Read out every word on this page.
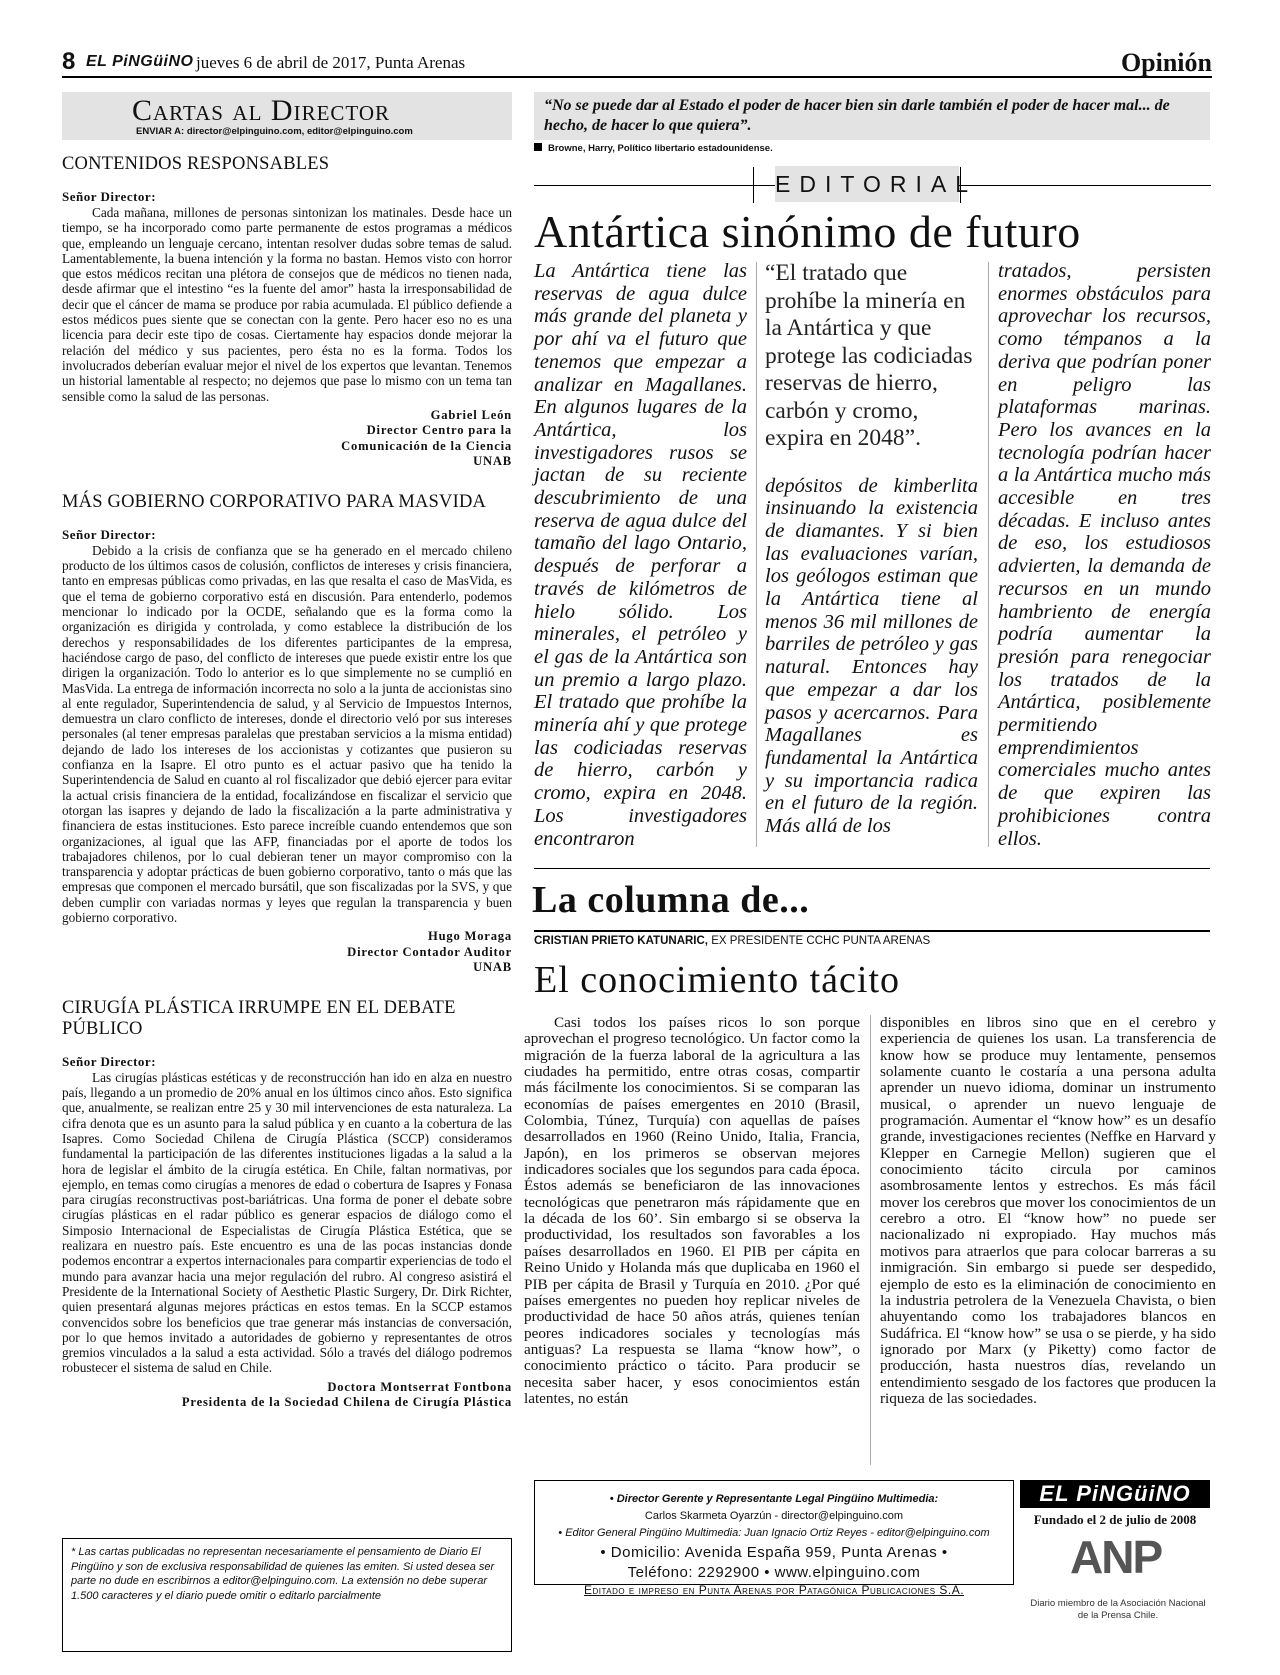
8 EL PiNGüiNO jueves 6 de abril de 2017, Punta Arenas	Opinión
Cartas al Director
ENVIAR A: director@elpinguino.com, editor@elpinguino.com
CONTENIDOS RESPONSABLES
Señor Director:

Cada mañana, millones de personas sintonizan los matinales. Desde hace un tiempo, se ha incorporado como parte permanente de estos programas a médicos que, empleando un lenguaje cercano, intentan resolver dudas sobre temas de salud. Lamentablemente, la buena intención y la forma no bastan. Hemos visto con horror que estos médicos recitan una plétora de consejos que de médicos no tienen nada, desde afirmar que el intestino “es la fuente del amor” hasta la irresponsabilidad de decir que el cáncer de mama se produce por rabia acumulada. El público defiende a estos médicos pues siente que se conectan con la gente. Pero hacer eso no es una licencia para decir este tipo de cosas. Ciertamente hay espacios donde mejorar la relación del médico y sus pacientes, pero ésta no es la forma. Todos los involucrados deberían evaluar mejor el nivel de los expertos que levantan. Tenemos un historial lamentable al respecto; no dejemos que pase lo mismo con un tema tan sensible como la salud de las personas.

Gabriel León
Director Centro para la
Comunicación de la Ciencia
UNAB
MÁS GOBIERNO CORPORATIVO PARA MASVIDA
Señor Director:

Debido a la crisis de confianza que se ha generado en el mercado chileno producto de los últimos casos de colusión, conflictos de intereses y crisis financiera, tanto en empresas públicas como privadas, en las que resalta el caso de MasVida, es que el tema de gobierno corporativo está en discusión. Para entenderlo, podemos mencionar lo indicado por la OCDE, señalando que es la forma como la organización es dirigida y controlada, y como establece la distribución de los derechos y responsabilidades de los diferentes participantes de la empresa, haciéndose cargo de paso, del conflicto de intereses que puede existir entre los que dirigen la organización. Todo lo anterior es lo que simplemente no se cumplió en MasVida. La entrega de información incorrecta no solo a la junta de accionistas sino al ente regulador, Superintendencia de salud, y al Servicio de Impuestos Internos, demuestra un claro conflicto de intereses, donde el directorio veló por sus intereses personales (al tener empresas paralelas que prestaban servicios a la misma entidad) dejando de lado los intereses de los accionistas y cotizantes que pusieron su confianza en la Isapre. El otro punto es el actuar pasivo que ha tenido la Superintendencia de Salud en cuanto al rol fiscalizador que debió ejercer para evitar la actual crisis financiera de la entidad, focalizándose en fiscalizar el servicio que otorgan las isapres y dejando de lado la fiscalización a la parte administrativa y financiera de estas instituciones. Esto parece increíble cuando entendemos que son organizaciones, al igual que las AFP, financiadas por el aporte de todos los trabajadores chilenos, por lo cual debieran tener un mayor compromiso con la transparencia y adoptar prácticas de buen gobierno corporativo, tanto o más que las empresas que componen el mercado bursátil, que son fiscalizadas por la SVS, y que deben cumplir con variadas normas y leyes que regulan la transparencia y buen gobierno corporativo.

Hugo Moraga
Director Contador Auditor
UNAB
CIRUGÍA PLÁSTICA IRRUMPE EN EL DEBATE PÚBLICO
Señor Director:

Las cirugías plásticas estéticas y de reconstrucción han ido en alza en nuestro país, llegando a un promedio de 20% anual en los últimos cinco años. Esto significa que, anualmente, se realizan entre 25 y 30 mil intervenciones de esta naturaleza. La cifra denota que es un asunto para la salud pública y en cuanto a la cobertura de las Isapres. Como Sociedad Chilena de Cirugía Plástica (SCCP) consideramos fundamental la participación de las diferentes instituciones ligadas a la salud a la hora de legislar el ámbito de la cirugía estética. En Chile, faltan normativas, por ejemplo, en temas como cirugías a menores de edad o cobertura de Isapres y Fonasa para cirugías reconstructivas post-bariátricas. Una forma de poner el debate sobre cirugías plásticas en el radar público es generar espacios de diálogo como el Simposio Internacional de Especialistas de Cirugía Plástica Estética, que se realizara en nuestro país. Este encuentro es una de las pocas instancias donde podemos encontrar a expertos internacionales para compartir experiencias de todo el mundo para avanzar hacia una mejor regulación del rubro. Al congreso asistirá el Presidente de la International Society of Aesthetic Plastic Surgery, Dr. Dirk Richter, quien presentará algunas mejores prácticas en estos temas. En la SCCP estamos convencidos sobre los beneficios que trae generar más instancias de conversación, por lo que hemos invitado a autoridades de gobierno y representantes de otros gremios vinculados a la salud a esta actividad. Sólo a través del diálogo podremos robustecer el sistema de salud en Chile.

Doctora Montserrat Fontbona
Presidenta de la Sociedad Chilena de Cirugía Plástica
* Las cartas publicadas no representan necesariamente el pensamiento de Diario El Pingüino y son de exclusiva responsabilidad de quienes las emiten. Si usted desea ser parte no dude en escribirnos a editor@elpinguino.com. La extensión no debe superar 1.500 caracteres y el diario puede omitir o editarlo parcialmente
“No se puede dar al Estado el poder de hacer bien sin darle también el poder de hacer mal... de hecho, de hacer lo que quiera”.
Browne, Harry, Político libertario estadounidense.
EDITORIAL
Antártica sinónimo de futuro
La Antártica tiene las reservas de agua dulce más grande del planeta y por ahí va el futuro que tenemos que empezar a analizar en Magallanes. En algunos lugares de la Antártica, los investigadores rusos se jactan de su reciente descubrimiento de una reserva de agua dulce del tamaño del lago Ontario, después de perforar a través de kilómetros de hielo sólido. Los minerales, el petróleo y el gas de la Antártica son un premio a largo plazo. El tratado que prohíbe la minería ahí y que protege las codiciadas reservas de hierro, carbón y cromo, expira en 2048. Los investigadores encontraron
“El tratado que prohíbe la minería en la Antártica y que protege las codiciadas reservas de hierro, carbón y cromo, expira en 2048”.
depósitos de kimberlita insinuando la existencia de diamantes. Y si bien las evaluaciones varían, los geólogos estiman que la Antártica tiene al menos 36 mil millones de barriles de petróleo y gas natural. Entonces hay que empezar a dar los pasos y acercarnos. Para Magallanes es fundamental la Antártica y su importancia radica en el futuro de la región. Más allá de los
tratados, persisten enormes obstáculos para aprovechar los recursos, como témpanos a la deriva que podrían poner en peligro las plataformas marinas. Pero los avances en la tecnología podrían hacer a la Antártica mucho más accesible en tres décadas. E incluso antes de eso, los estudiosos advierten, la demanda de recursos en un mundo hambriento de energía podría aumentar la presión para renegociar los tratados de la Antártica, posiblemente permitiendo emprendimientos comerciales mucho antes de que expiren las prohibiciones contra ellos.
La columna de...
CRISTIAN PRIETO KATUNARIC, EX PRESIDENTE CCHC PUNTA ARENAS
El conocimiento tácito
Casi todos los países ricos lo son porque aprovechan el progreso tecnológico. Un factor como la migración de la fuerza laboral de la agricultura a las ciudades ha permitido, entre otras cosas, compartir más fácilmente los conocimientos. Si se comparan las economías de países emergentes en 2010 (Brasil, Colombia, Túnez, Turquía) con aquellas de países desarrollados en 1960 (Reino Unido, Italia, Francia, Japón), en los primeros se observan mejores indicadores sociales que los segundos para cada época. Éstos además se beneficiaron de las innovaciones tecnológicas que penetraron más rápidamente que en la década de los 60’. Sin embargo si se observa la productividad, los resultados son favorables a los países desarrollados en 1960. El PIB per cápita en Reino Unido y Holanda más que duplicaba en 1960 el PIB per cápita de Brasil y Turquía en 2010. ¿Por qué países emergentes no pueden hoy replicar niveles de productividad de hace 50 años atrás, quienes tenían peores indicadores sociales y tecnologías más antiguas? La respuesta se llama “know how”, o conocimiento práctico o tácito. Para producir se necesita saber hacer, y esos conocimientos están latentes, no están
disponibles en libros sino que en el cerebro y experiencia de quienes los usan. La transferencia de know how se produce muy lentamente, pensemos solamente cuanto le costaría a una persona adulta aprender un nuevo idioma, dominar un instrumento musical, o aprender un nuevo lenguaje de programación. Aumentar el “know how” es un desafío grande, investigaciones recientes (Neffke en Harvard y Klepper en Carnegie Mellon) sugieren que el conocimiento tácito circula por caminos asombrosamente lentos y estrechos. Es más fácil mover los cerebros que mover los conocimientos de un cerebro a otro. El “know how” no puede ser nacionalizado ni expropiado. Hay muchos más motivos para atraerlos que para colocar barreras a su inmigración. Sin embargo si puede ser despedido, ejemplo de esto es la eliminación de conocimiento en la industria petrolera de la Venezuela Chavista, o bien ahuyentando como los trabajadores blancos en Sudáfrica. El “know how” se usa o se pierde, y ha sido ignorado por Marx (y Piketty) como factor de producción, hasta nuestros días, revelando un entendimiento sesgado de los factores que producen la riqueza de las sociedades.
• Director Gerente y Representante Legal Pingüino Multimedia:
Carlos Skarmeta Oyarzún - director@elpinguino.com
• Editor General Pingüino Multimedia: Juan Ignacio Ortiz Reyes - editor@elpinguino.com
• Domicilio: Avenida España 959, Punta Arenas •
Teléfono: 2292900 • www.elpinguino.com
Editado e impreso en Punta Arenas por Patagónica Publicaciones S.A.
EL PiNGüiNO
Fundado el 2 de julio de 2008
ANP
Diario miembro de la Asociación Nacional de la Prensa Chile.
